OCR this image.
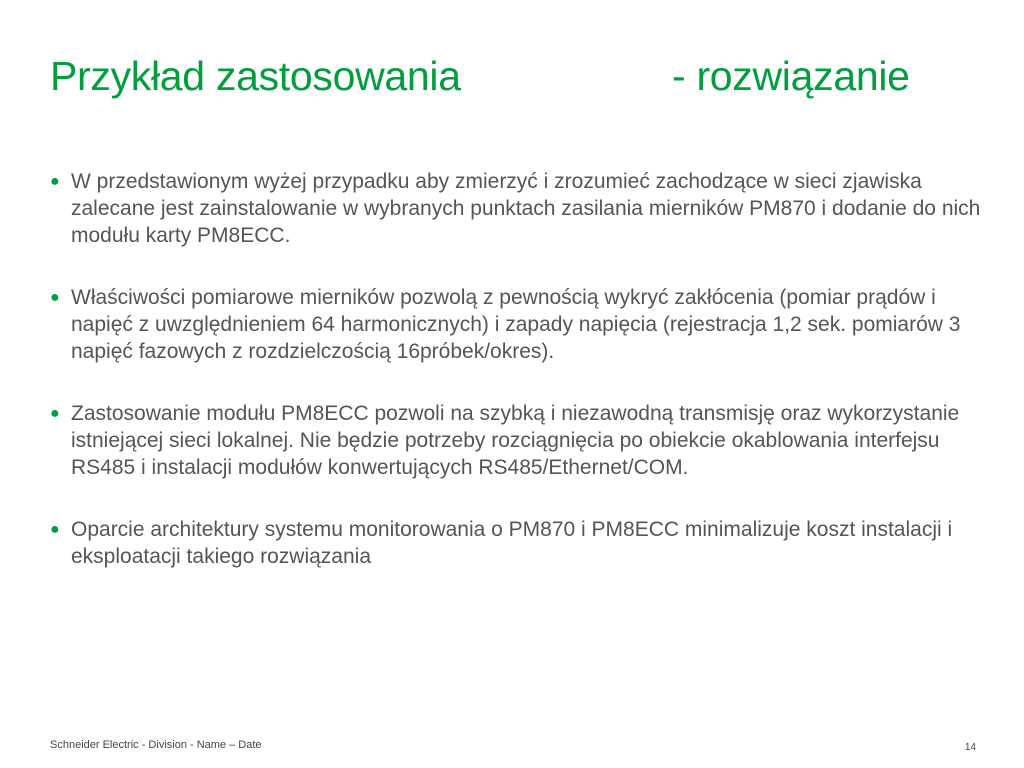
Przykład zastosowania	- rozwiązanie
● W przedstawionym wyżej przypadku aby zmierzyć i zrozumieć zachodzące w sieci zjawiska zalecane jest zainstalowanie w wybranych punktach zasilania mierników PM870 i dodanie do nich modułu karty PM8ECC.
● Właściwości pomiarowe mierników pozwolą z pewnością wykryć zakłócenia (pomiar prądów i napięć z uwzględnieniem 64 harmonicznych) i zapady napięcia (rejestracja 1,2 sek. pomiarów 3 napięć fazowych z rozdzielczością 16próbek/okres).
● Zastosowanie modułu PM8ECC pozwoli na szybką i niezawodną transmisję oraz wykorzystanie istniejącej sieci lokalnej. Nie będzie potrzeby rozciągnięcia po obiekcie okablowania interfejsu RS485 i instalacji modułów konwertujących RS485/Ethernet/COM.
● Oparcie architektury systemu monitorowania o PM870 i PM8ECC minimalizuje koszt instalacji i eksploatacji takiego rozwiązania
Schneider Electric - Division - Name – Date	14
